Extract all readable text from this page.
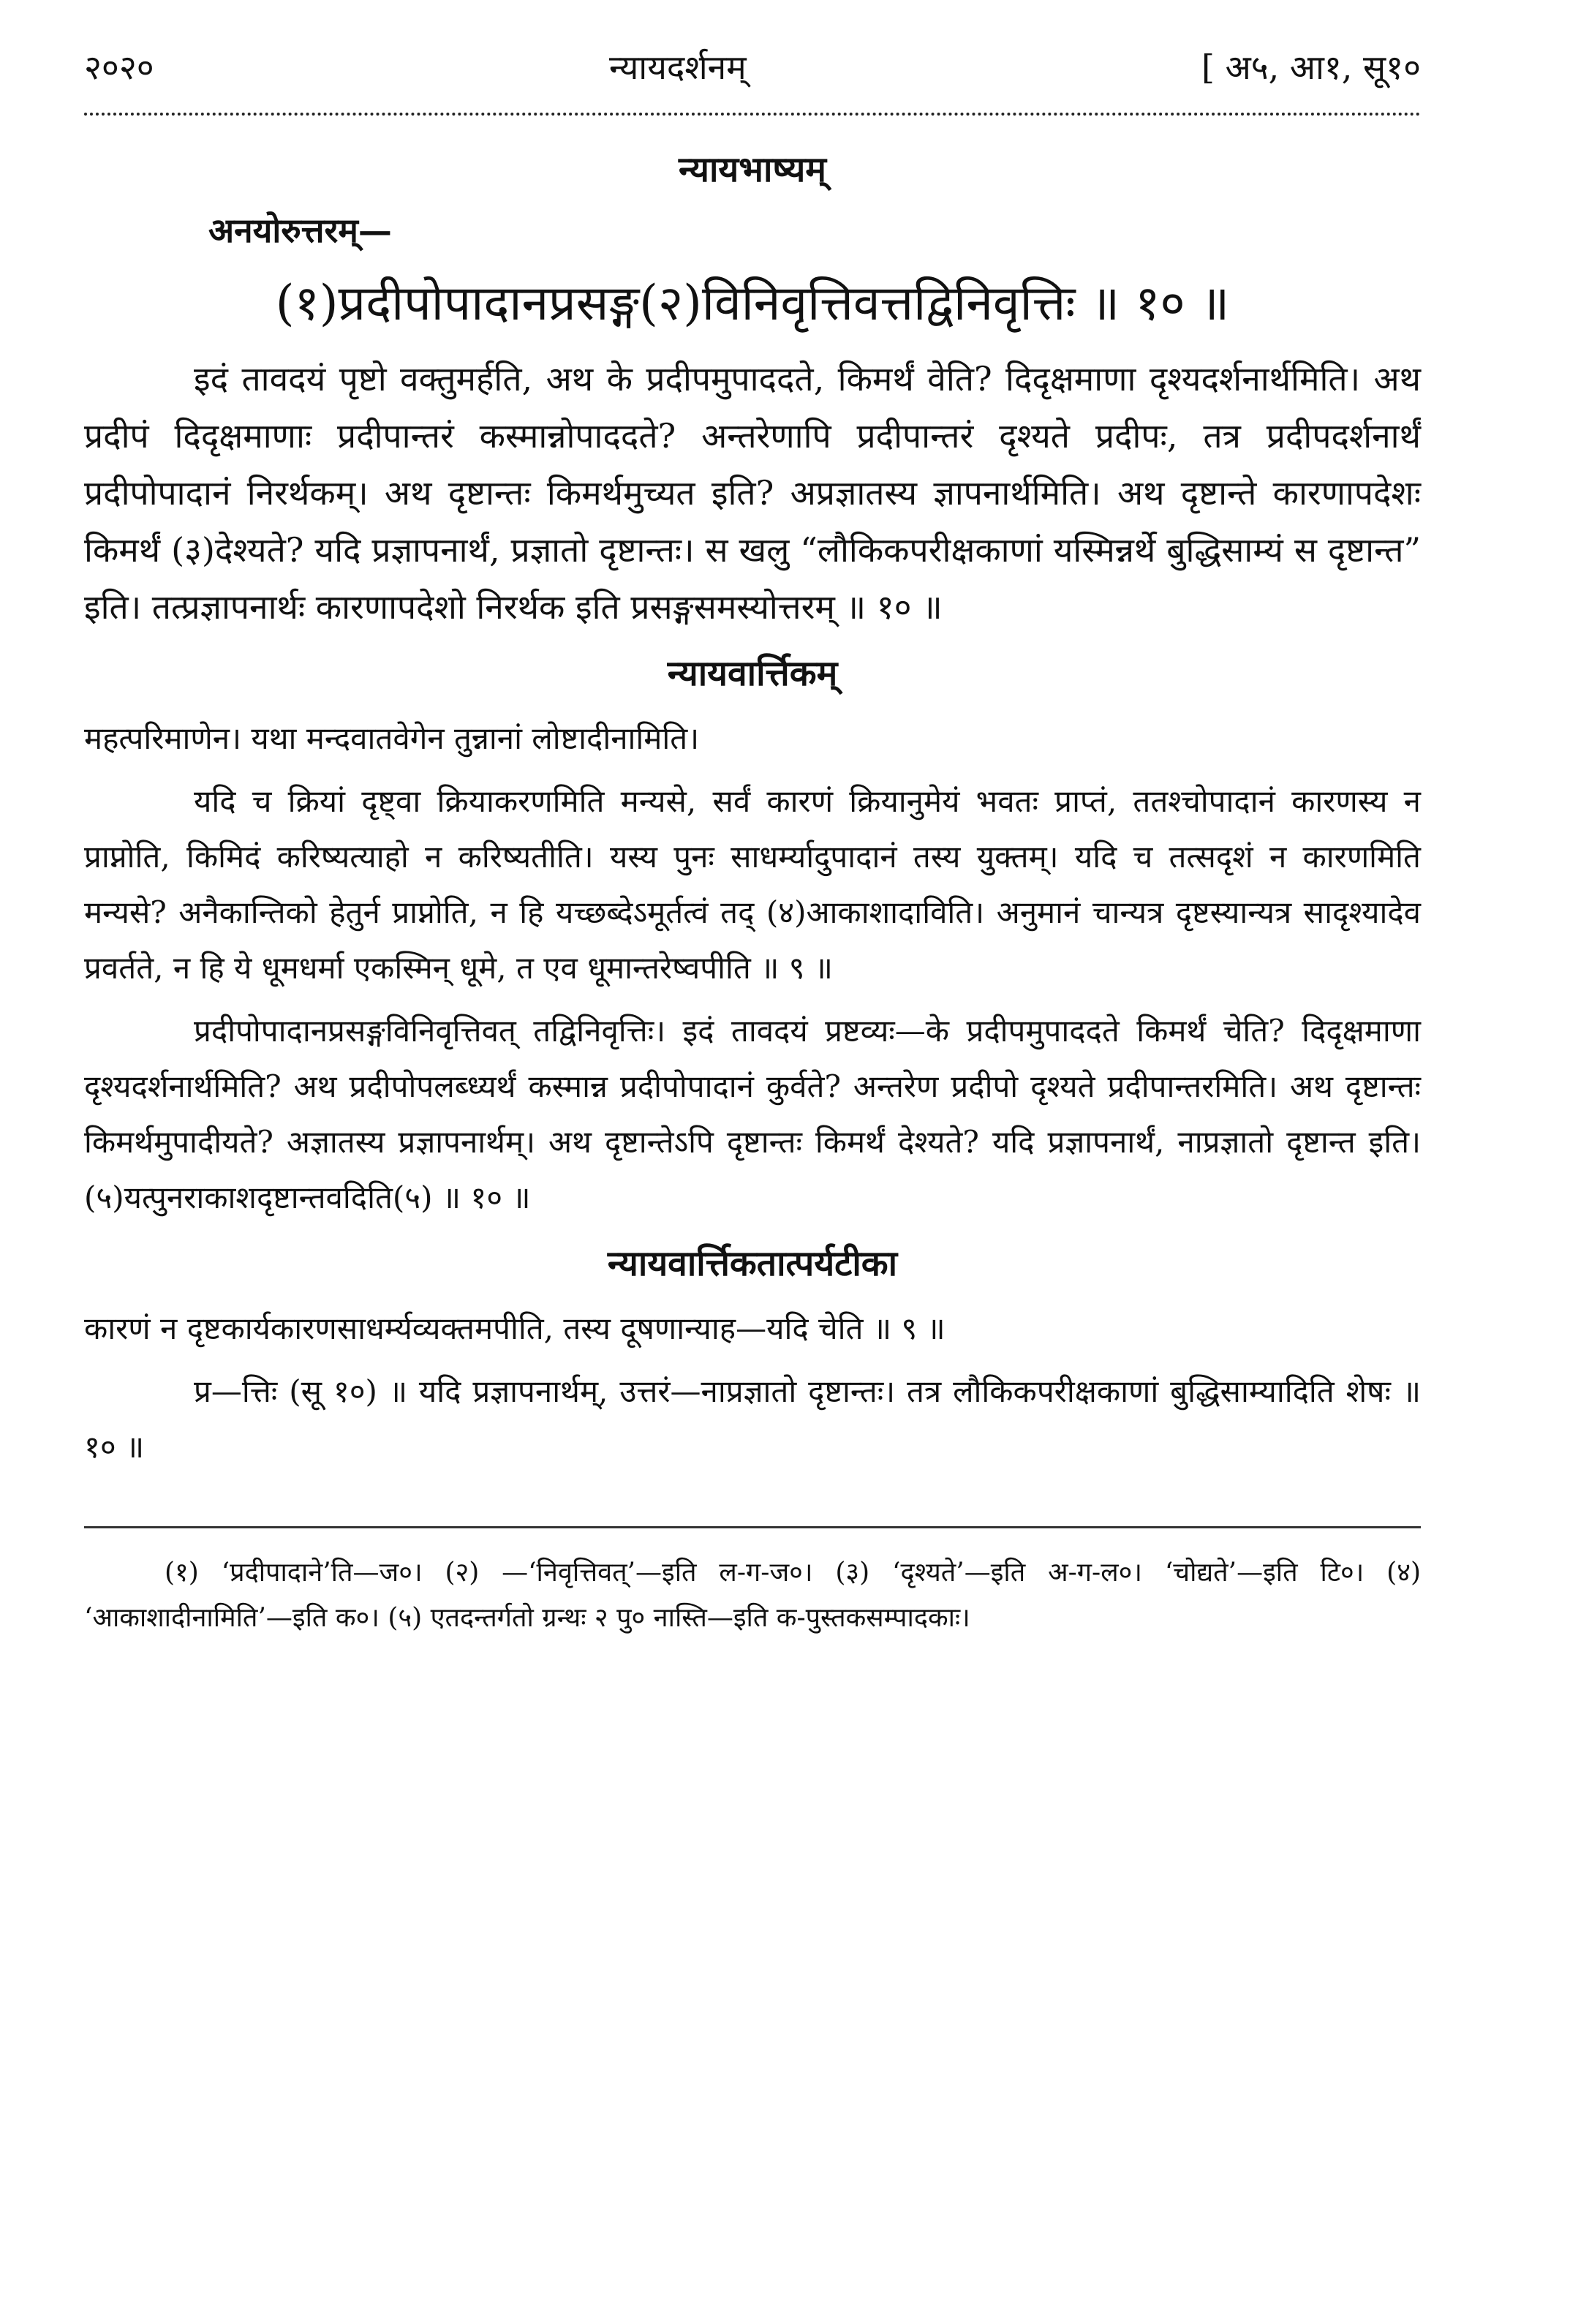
२०२०	न्यायदर्शनम्	[ अ५, आ१, सू१०
न्यायभाष्यम्
अनयोरुत्तरम्—
(१)प्रदीपोपादानप्रसङ्ग(२)विनिवृत्तिवत्तद्विनिवृत्तिः ॥ १० ॥

इदं तावदयं पृष्टो वक्तुमर्हति, अथ के प्रदीपमुपाददते, किमर्थं वेति? दिदृक्षमाणा दृश्यदर्शनार्थमिति। अथ प्रदीपं दिदृक्षमाणाः प्रदीपान्तरं कस्मान्नोपाददते? अन्तरेणापि प्रदीपान्तरं दृश्यते प्रदीपः, तत्र प्रदीपदर्शनार्थं प्रदीपोपादानं निरर्थकम्। अथ दृष्टान्तः किमर्थमुच्यत इति? अप्रज्ञातस्य ज्ञापनार्थमिति। अथ दृष्टान्ते कारणापदेशः किमर्थं (३)देश्यते? यदि प्रज्ञापनार्थं, प्रज्ञातो दृष्टान्तः। स खलु “लौकिकपरीक्षकाणां यस्मिन्नर्थे बुद्धिसाम्यं स दृष्टान्त” इति। तत्प्रज्ञापनार्थः कारणापदेशो निरर्थक इति प्रसङ्गसमस्योत्तरम् ॥ १० ॥

न्यायवार्त्तिकम्

महत्परिमाणेन। यथा मन्दवातवेगेन तुन्नानां लोष्टादीनामिति।

यदि च क्रियां दृष्ट्वा क्रियाकरणमिति मन्यसे, सर्वं कारणं क्रियानुमेयं भवतः प्राप्तं, ततश्चोपादानं कारणस्य न प्राप्नोति, किमिदं करिष्यत्याहो न करिष्यतीति। यस्य पुनः साधर्म्यादुपादानं तस्य युक्तम्। यदि च तत्सदृशं न कारणमिति मन्यसे? अनैकान्तिको हेतुर्न प्राप्नोति, न हि यच्छब्देऽमूर्तत्वं तद् (४)आकाशादाविति। अनुमानं चान्यत्र दृष्टस्यान्यत्र सादृश्यादेव प्रवर्तते, न हि ये धूमधर्मा एकस्मिन् धूमे, त एव धूमान्तरेष्वपीति ॥ ९ ॥

प्रदीपोपादानप्रसङ्गविनिवृत्तिवत् तद्विनिवृत्तिः। इदं तावदयं प्रष्टव्यः—के प्रदीपमुपाददते किमर्थं चेति? दिदृक्षमाणा दृश्यदर्शनार्थमिति? अथ प्रदीपोपलब्ध्यर्थं कस्मान्न प्रदीपोपादानं कुर्वते? अन्तरेण प्रदीपो दृश्यते प्रदीपान्तरमिति। अथ दृष्टान्तः किमर्थमुपादीयते? अज्ञातस्य प्रज्ञापनार्थम्। अथ दृष्टान्तेऽपि दृष्टान्तः किमर्थं देश्यते? यदि प्रज्ञापनार्थं, नाप्रज्ञातो दृष्टान्त इति। (५)यत्पुनराकाशदृष्टान्तवदिति(५) ॥ १० ॥

न्यायवार्त्तिकतात्पर्यटीका

कारणं न दृष्टकार्यकारणसाधर्म्यव्यक्तमपीति, तस्य दूषणान्याह—यदि चेति ॥ ९ ॥

प्र—त्तिः (सू १०) ॥ यदि प्रज्ञापनार्थम्, उत्तरं—नाप्रज्ञातो दृष्टान्तः। तत्र लौकिकपरीक्षकाणां बुद्धिसाम्यादिति शेषः ॥ १० ॥

(१) ‘प्रदीपादाने’ति—ज०। (२) —‘निवृत्तिवत्’—इति ल-ग-ज०। (३) ‘दृश्यते’—इति अ-ग-ल०। ‘चोद्यते’—इति टि०। (४) ‘आकाशादीनामिति’—इति क०। (५) एतदन्तर्गतो ग्रन्थः २ पु० नास्ति—इति क-पुस्तकसम्पादकाः।
